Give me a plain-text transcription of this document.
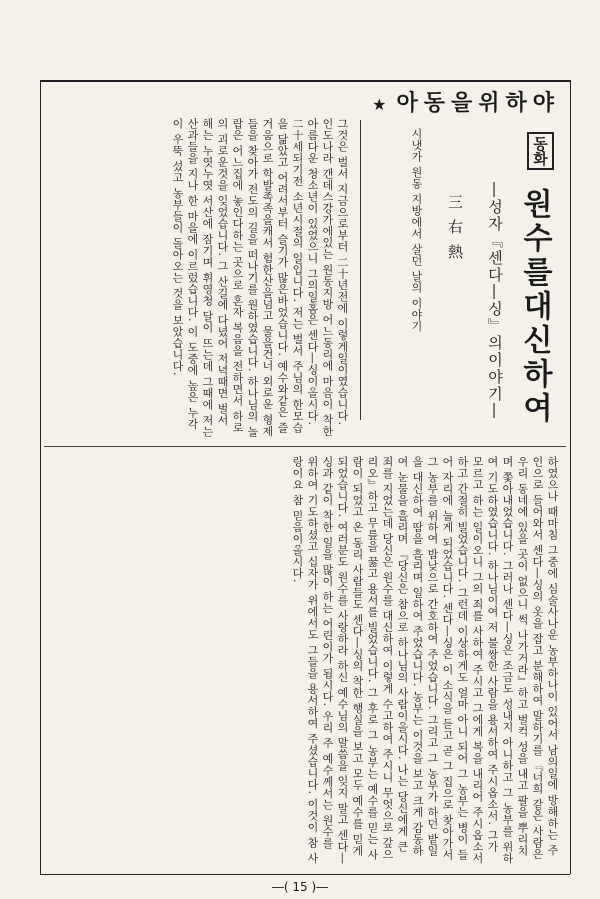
★ 아동을위하야
동화
원수를대신하여
―성자『센다―싱』의이야기―
三右熱
시냇가 원동 지방에서 살던 날의 이야기
그것은 벌서 지금으로부터 二十년전에 이렇게일이였습니다. 인도나라 갠데스강가에있는 원동지방 어느동리에 마음이 착한 아름다운 청소년이 있었으니 그의일홈은 센다―싱이올시다. 二十세되기전 소년시절의 일입니다. 저는 벌서 주님의 한모습을 닮았고 어려서부터 슬기가 많은바었습니다. 예수와같은 즐거움으로 학발족족을캐서 험한산을넘고 물을건너 외로운 형제들을 찾아가 전도의 길을 떠나기를 원하였습니다. 하나님의 놀랍은 어느집에 놓인다하는 곳으로 혼자 복음을 전하면서 하로의 괴로운것을 잊었습니다. 그 산길에 다녔어 저녁때면 벌서 해는 누엿누엿 서산에 잠기며 휘영청 달이 뜨는데 그때에 저는 산과들을 지나 한 마을에 이르렀습니다. 이 도중에 높은 누각이 우뚝 섰고 농부들이 돌아오는 것을 보았습니다.
하였으나 때마침 그중에 심술사나운 농부하나이 있어서 남의일에 방해하는 주인으로 들어와서 센다―싱의 옷을 잡고 분해하여 말하기를 『너희 같은 사람은 우리 동네에 있을 곳이 없으니 썩 나가거라』하고 벌컥 성을 내고 팔을 뿌리치며 쫓아내었습니다. 그러나 센다―싱은 조금도 성내지 아니하고 그 농부를 위하여 기도하였습니다. 하나님이여 저 불쌍한 사람을 용서하여 주시옵소서. 그가 모르고 하는 일이오니 그의 죄를 사하여 주시고 그에게 복을 내리어 주시옵소서 하고 간절히 빌었습니다. 그런데 이상하게도 얼마 아니 되어 그 농부는 병이 들어 자리에 눕게 되었습니다. 센다―싱은 이 소식을 듣고 곧 그 집으로 찾아가서 그 농부를 위하여 밤낮으로 간호하여 주었습니다. 그리고 그 농부가 하던 밭일을 대신하여 땀을 흘리며 일하여 주었습니다. 농부는 이것을 보고 크게 감동하여 눈물을 흘리며 『당신은 참으로 하나님의 사람이올시다. 나는 당신에게 큰 죄를 지었는데 당신은 원수를 대신하여 이렇게 수고하여 주시니 무엇으로 갚으리오』하고 무릎을 꿇고 용서를 빌었습니다. 그 후로 그 농부는 예수를 믿는 사람이 되었고 온 동리 사람들도 센다―싱의 착한 행실을 보고 모두 예수를 믿게 되었습니다. 여러분도 원수를 사랑하라 하신 예수님의 말씀을 잊지 말고 센다―싱과 같이 착한 일을 많이 하는 어린이가 됩시다. 우리 주 예수께서는 원수를 위하여 기도하셨고 십자가 위에서도 그들을 용서하여 주셨습니다. 이것이 참 사랑이요 참 믿음이올시다.
―( 15 )―
